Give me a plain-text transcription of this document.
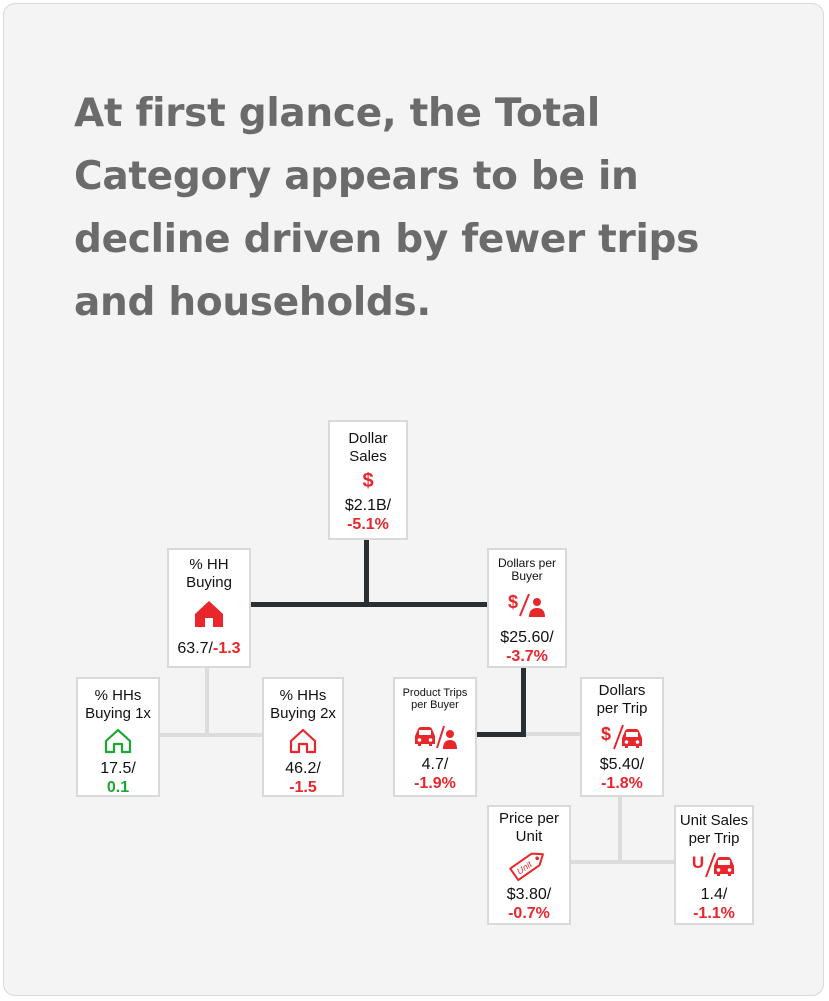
At first glance, the Total Category appears to be in decline driven by fewer trips and households.
Dollar
Sales
$
$2.1B/
-5.1%
% HH
Buying
63.7/-1.3
Dollars per
Buyer
$
$25.60/
-3.7%
% HHs
Buying 1x
17.5/
0.1
% HHs
Buying 2x
46.2/
-1.5
Product Trips
per Buyer
4.7/
-1.9%
Dollars
per Trip
$
$5.40/
-1.8%
Price per
Unit
Unit
$3.80/
-0.7%
Unit Sales
per Trip
U
1.4/
-1.1%
